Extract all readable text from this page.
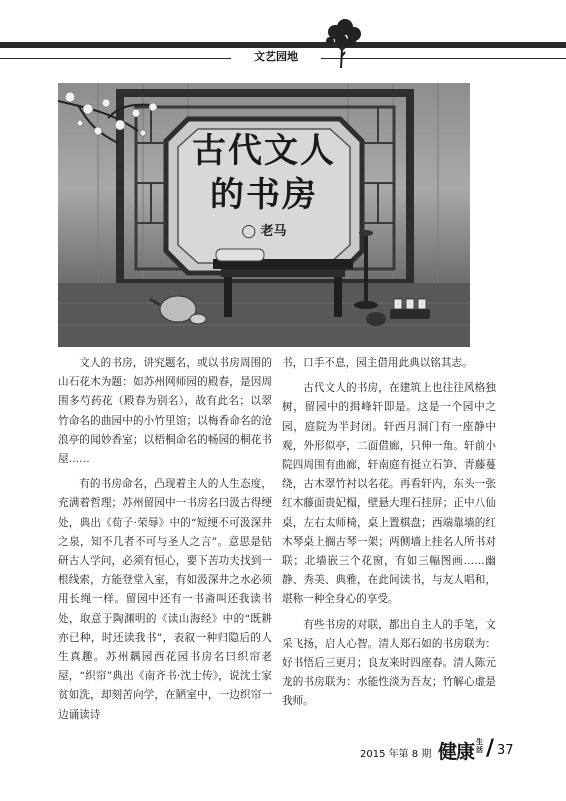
文艺园地
古代文人
的书房
◯ 老马

文人的书房，讲究题名，或以书房周围的山石花木为题：如苏州网师园的殿春，是因周围多芍药花（殿春为别名），故有此名；以翠竹命名的曲园中的小竹里馆；以梅香命名的沧浪亭的闻妙香室；以梧桐命名的畅园的桐花书屋……

有的书房命名，凸现着主人的人生态度，充满着哲理；苏州留园中一书房名曰汲古得绠处，典出《荀子·荣辱》中的“短绠不可汲深井之泉，知不几者不可与圣人之言”。意思是钻研古人学问，必须有恒心，要下苦功夫找到一根线索，方能登堂入室，有如汲深井之水必须用长绳一样。留园中还有一书斋叫还我读书处，取意于陶渊明的《读山海经》中的“既耕亦已种，时还读我书”，表叙一种归隐后的人生真趣。苏州耦园西花园书房名曰织帘老屋，“织帘”典出《南齐书·沈士传》，说沈士家贫如洗，却刻苦向学，在陋室中，一边织帘一边诵读诗

书，口手不息，园主借用此典以铭其志。

古代文人的书房，在建筑上也往往风格独树，留园中的揖峰轩即是。这是一个园中之园，庭院为半封闭。轩西月洞门有一座静中观，外形似亭，二面借廊，只伸一角。轩前小院四周围有曲廊，轩南庭有挺立石笋、青藤蔓绕，古木翠竹衬以名花。再看轩内，东头一张红木藤面贵妃榻，壁悬大理石挂屏；正中八仙桌，左右太师椅，桌上置棋盘；西端靠墙的红木琴桌上搁古琴一架；两侧墙上挂名人所书对联；北墙嵌三个花窗，有如三幅图画……幽静、秀美、典雅，在此间读书，与友人唱和，堪称一种全身心的享受。

有些书房的对联，都出自主人的手笔，文采飞扬，启人心智。清人郑石如的书房联为：好书悟后三更月；良友来时四座春。清人陈元龙的书房联为：水能性淡为吾友；竹解心虚是我师。

2015 年第 8 期 健康 生活 / 37
